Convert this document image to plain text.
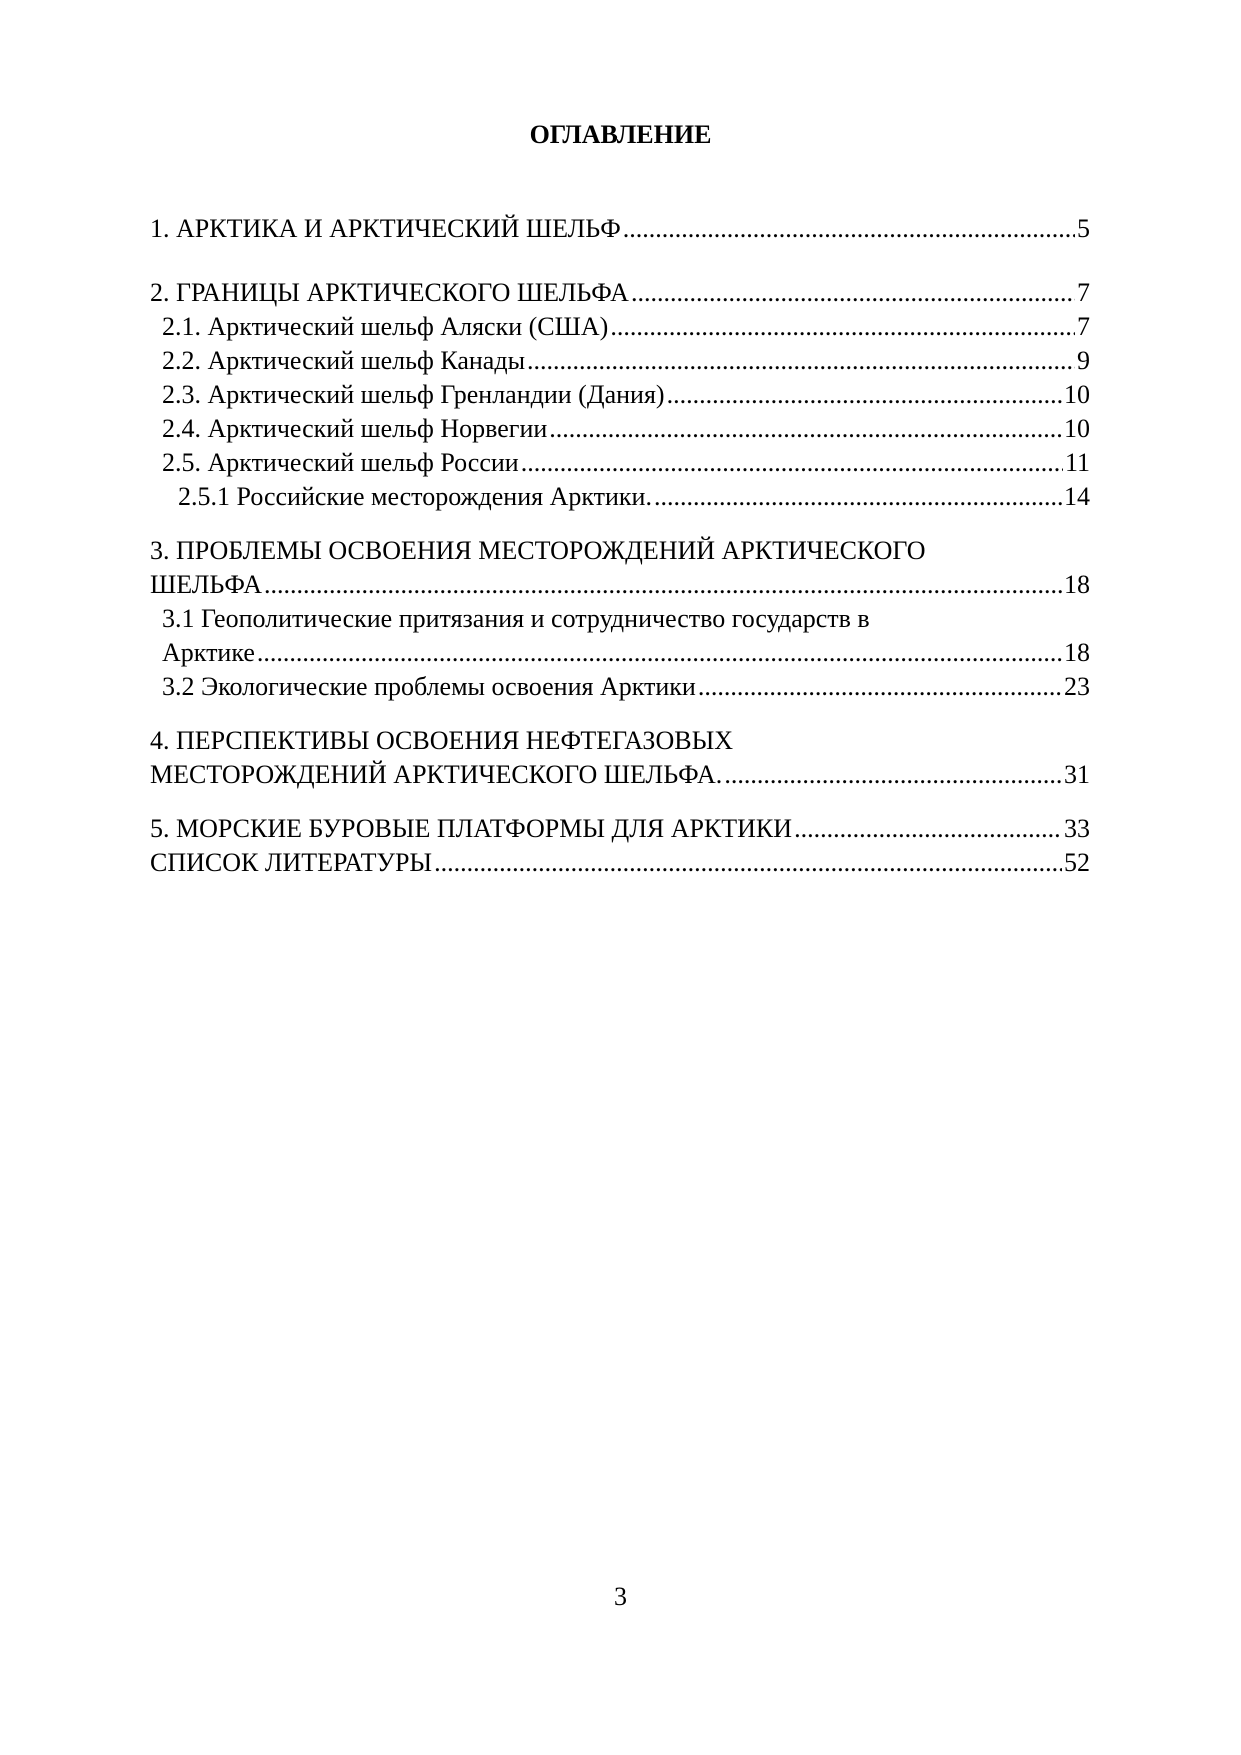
ОГЛАВЛЕНИЕ
1. АРКТИКА И АРКТИЧЕСКИЙ ШЕЛЬФ .....	5
2. ГРАНИЦЫ АРКТИЧЕСКОГО ШЕЛЬФА .....	7
2.1. Арктический шельф Аляски (США) .....	7
2.2. Арктический шельф Канады .....	9
2.3. Арктический шельф Гренландии (Дания) .....	10
2.4. Арктический шельф Норвегии .....	10
2.5. Арктический шельф России .....	11
2.5.1 Российские месторождения Арктики. .....	14
3. ПРОБЛЕМЫ ОСВОЕНИЯ МЕСТОРОЖДЕНИЙ АРКТИЧЕСКОГО
ШЕЛЬФА .....	18
3.1 Геополитические притязания и сотрудничество государств в
Арктике .....	18
3.2 Экологические проблемы освоения Арктики .....	23
4. ПЕРСПЕКТИВЫ ОСВОЕНИЯ НЕФТЕГАЗОВЫХ
МЕСТОРОЖДЕНИЙ АРКТИЧЕСКОГО ШЕЛЬФА. .....	31
5. МОРСКИЕ БУРОВЫЕ ПЛАТФОРМЫ ДЛЯ АРКТИКИ .....	33
СПИСОК ЛИТЕРАТУРЫ .....	52
3
